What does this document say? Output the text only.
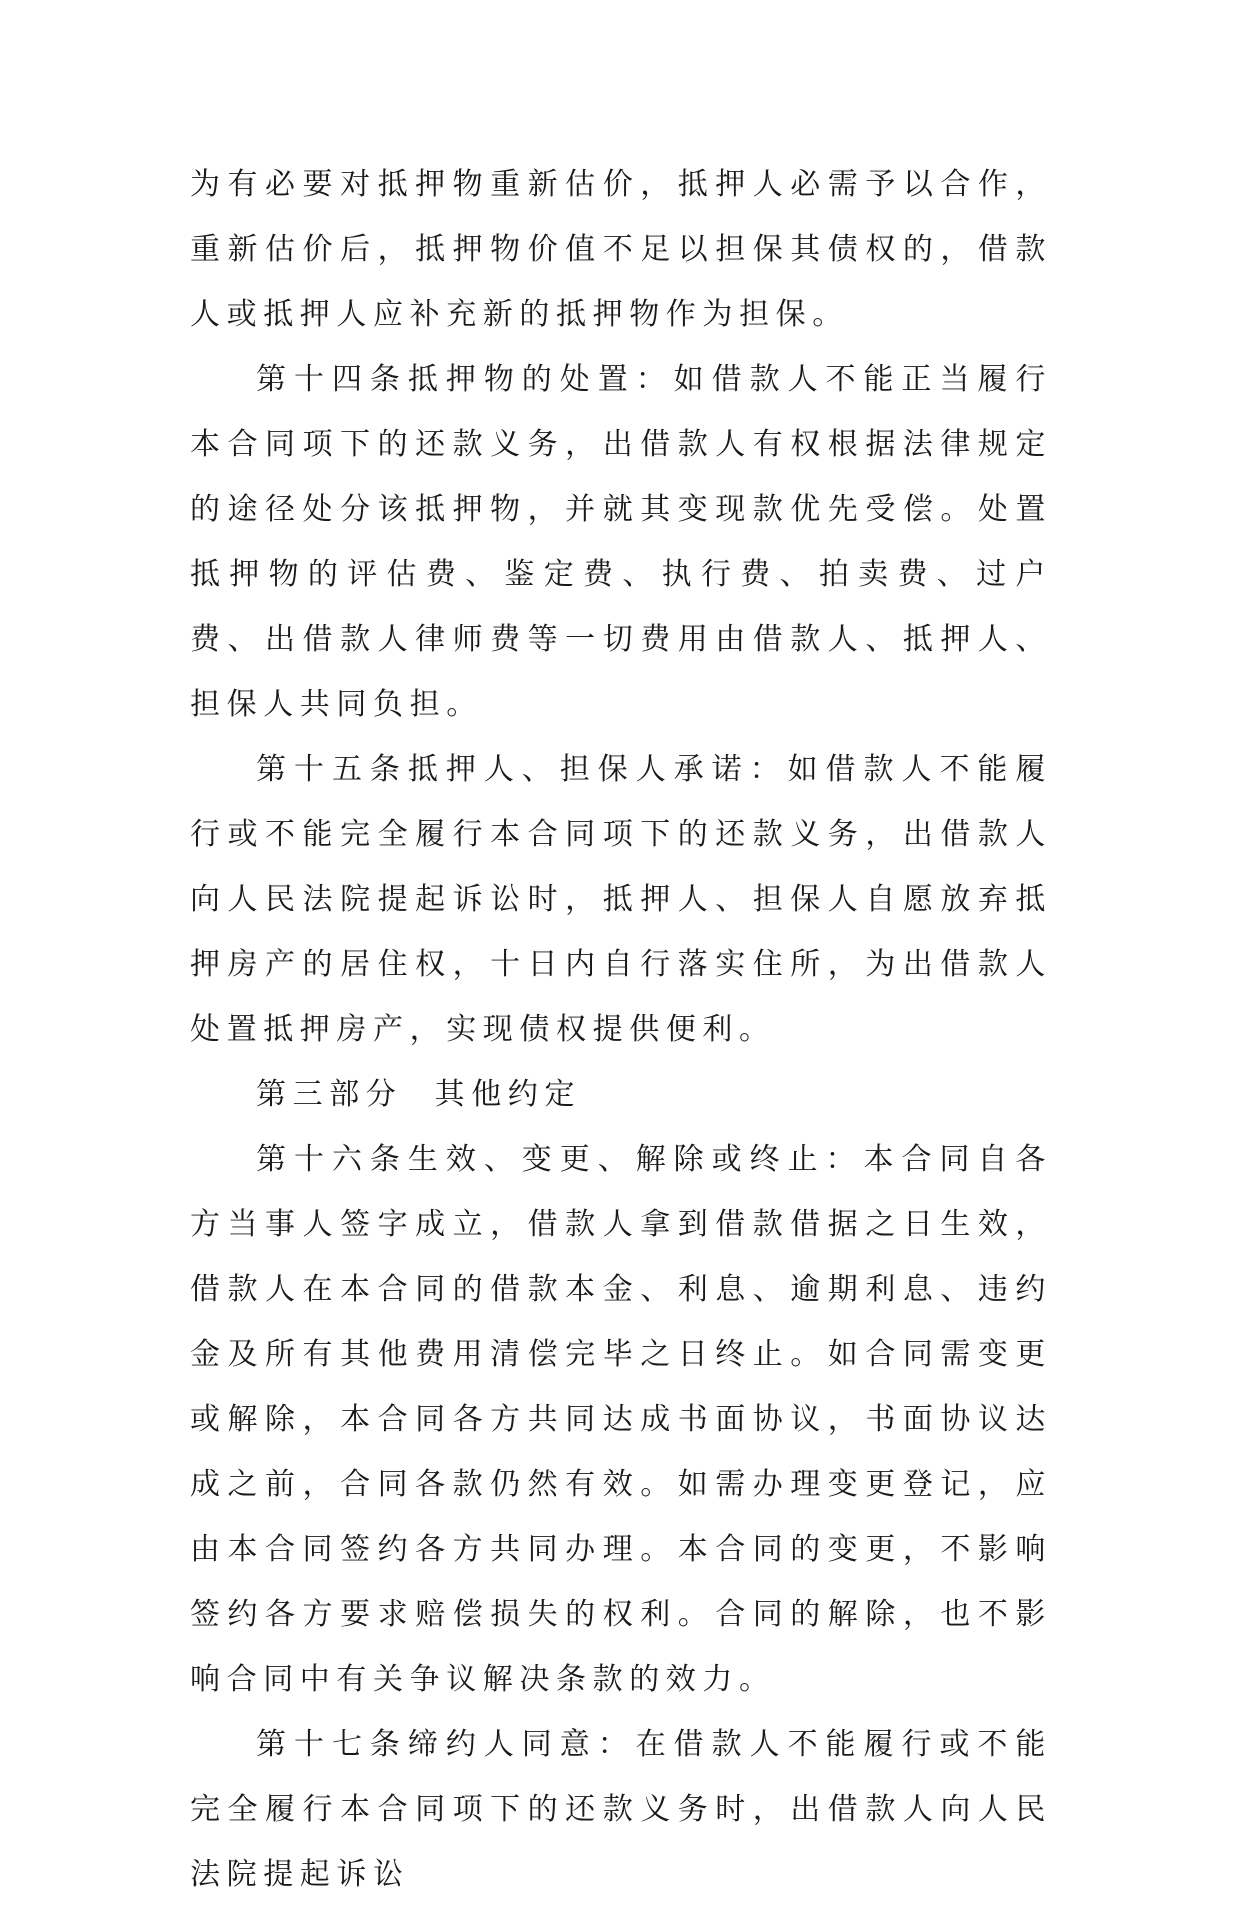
为有必要对抵押物重新估价，抵押人必需予以合作，重新估价后，抵押物价值不足以担保其债权的，借款人或抵押人应补充新的抵押物作为担保。

第十四条抵押物的处置：如借款人不能正当履行本合同项下的还款义务，出借款人有权根据法律规定的途径处分该抵押物，并就其变现款优先受偿。处置抵押物的评估费、鉴定费、执行费、拍卖费、过户费、出借款人律师费等一切费用由借款人、抵押人、担保人共同负担。

第十五条抵押人、担保人承诺：如借款人不能履行或不能完全履行本合同项下的还款义务，出借款人向人民法院提起诉讼时，抵押人、担保人自愿放弃抵押房产的居住权，十日内自行落实住所，为出借款人处置抵押房产，实现债权提供便利。

第三部分  其他约定

第十六条生效、变更、解除或终止：本合同自各方当事人签字成立，借款人拿到借款借据之日生效，借款人在本合同的借款本金、利息、逾期利息、违约金及所有其他费用清偿完毕之日终止。如合同需变更或解除，本合同各方共同达成书面协议，书面协议达成之前，合同各款仍然有效。如需办理变更登记，应由本合同签约各方共同办理。本合同的变更，不影响签约各方要求赔偿损失的权利。合同的解除，也不影响合同中有关争议解决条款的效力。

第十七条缔约人同意：在借款人不能履行或不能完全履行本合同项下的还款义务时，出借款人向人民法院提起诉讼
